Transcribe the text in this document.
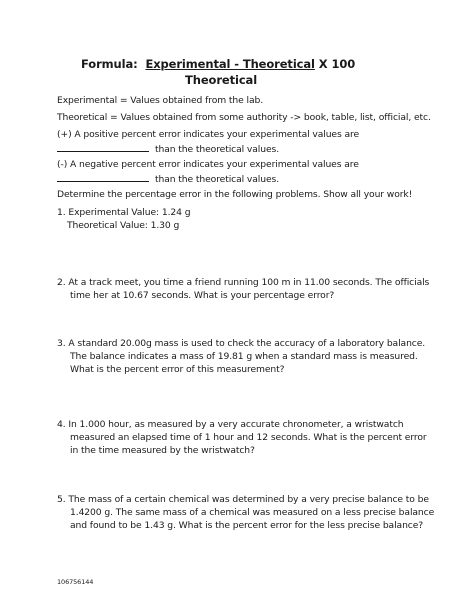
Formula: Experimental - Theoretical X 100
Theoretical
Experimental = Values obtained from the lab.
Theoretical = Values obtained from some authority -> book, table, list, official, etc.
(+) A positive percent error indicates your experimental values are
than the theoretical values.
(-) A negative percent error indicates your experimental values are
than the theoretical values.
Determine the percentage error in the following problems. Show all your work!
1. Experimental Value: 1.24 g
Theoretical Value: 1.30 g
2. At a track meet, you time a friend running 100 m in 11.00 seconds. The officials
time her at 10.67 seconds. What is your percentage error?
3. A standard 20.00g mass is used to check the accuracy of a laboratory balance.
The balance indicates a mass of 19.81 g when a standard mass is measured.
What is the percent error of this measurement?
4. In 1.000 hour, as measured by a very accurate chronometer, a wristwatch
measured an elapsed time of 1 hour and 12 seconds. What is the percent error
in the time measured by the wristwatch?
5. The mass of a certain chemical was determined by a very precise balance to be
1.4200 g. The same mass of a chemical was measured on a less precise balance
and found to be 1.43 g. What is the percent error for the less precise balance?
106756144
